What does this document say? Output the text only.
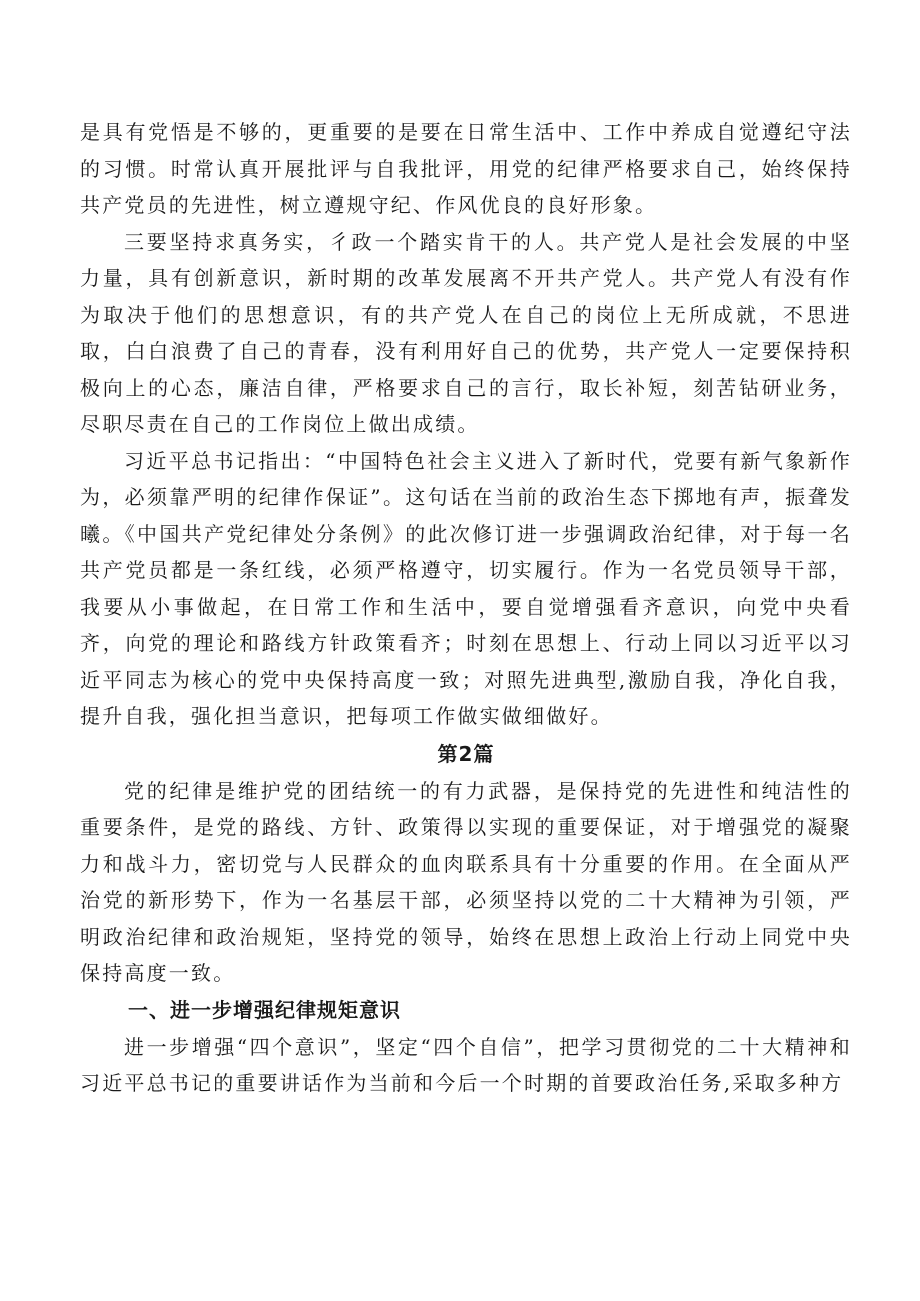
是具有党悟是不够的，更重要的是要在日常生活中、工作中养成自觉遵纪守法的习惯。时常认真开展批评与自我批评，用党的纪律严格要求自己，始终保持共产党员的先进性，树立遵规守纪、作风优良的良好形象。

三要坚持求真务实，彳政一个踏实肯干的人。共产党人是社会发展的中坚力量，具有创新意识，新时期的改革发展离不开共产党人。共产党人有没有作为取决于他们的思想意识，有的共产党人在自己的岗位上无所成就，不思进取，白白浪费了自己的青春，没有利用好自己的优势，共产党人一定要保持积极向上的心态，廉洁自律，严格要求自己的言行，取长补短，刻苦钻研业务，尽职尽责在自己的工作岗位上做出成绩。

习近平总书记指出：“中国特色社会主义进入了新时代，党要有新气象新作为，必须靠严明的纪律作保证”。这句话在当前的政治生态下掷地有声，振聋发曦。《中国共产党纪律处分条例》的此次修订进一步强调政治纪律，对于每一名共产党员都是一条红线，必须严格遵守，切实履行。作为一名党员领导干部，我要从小事做起，在日常工作和生活中，要自觉增强看齐意识，向党中央看齐，向党的理论和路线方针政策看齐；时刻在思想上、行动上同以习近平以习近平同志为核心的党中央保持高度一致；对照先进典型,激励自我，净化自我，提升自我，强化担当意识，把每项工作做实做细做好。

第2篇

党的纪律是维护党的团结统一的有力武器，是保持党的先进性和纯洁性的重要条件，是党的路线、方针、政策得以实现的重要保证，对于增强党的凝聚力和战斗力，密切党与人民群众的血肉联系具有十分重要的作用。在全面从严治党的新形势下，作为一名基层干部，必须坚持以党的二十大精神为引领，严明政治纪律和政治规矩，坚持党的领导，始终在思想上政治上行动上同党中央保持高度一致。

一、进一步增强纪律规矩意识

进一步增强“四个意识”，坚定“四个自信”，把学习贯彻党的二十大精神和习近平总书记的重要讲话作为当前和今后一个时期的首要政治任务,采取多种方
